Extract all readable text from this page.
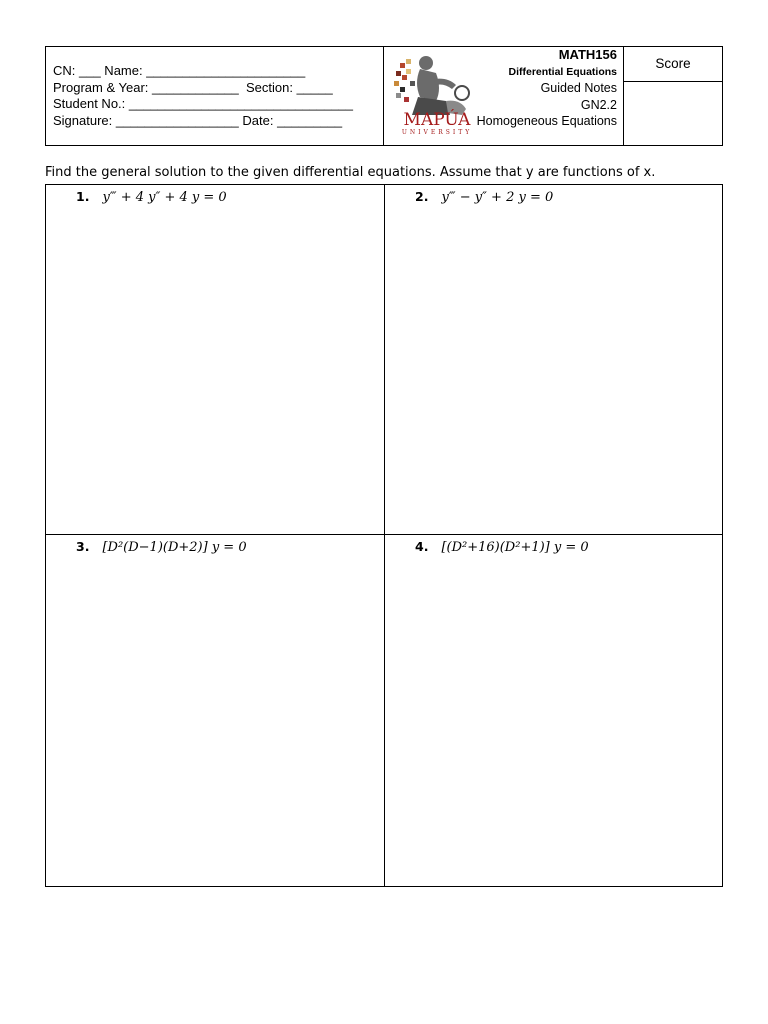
CN: ___ Name: ______________________
Program & Year: ____________  Section: _____
Student No.: _______________________________
Signature: _________________ Date: _________	MAPÚA
UNIVERSITY
MATH156
Differential Equations
Guided Notes
GN2.2
Homogeneous Equations
Score
Find the general solution to the given differential equations. Assume that y are functions of x.
1. y‴ + 4 y″ + 4 y = 0	2. y‴ − y″ + 2 y = 0
3. [D²(D−1)(D+2)] y = 0	4. [(D²+16)(D²+1)] y = 0
